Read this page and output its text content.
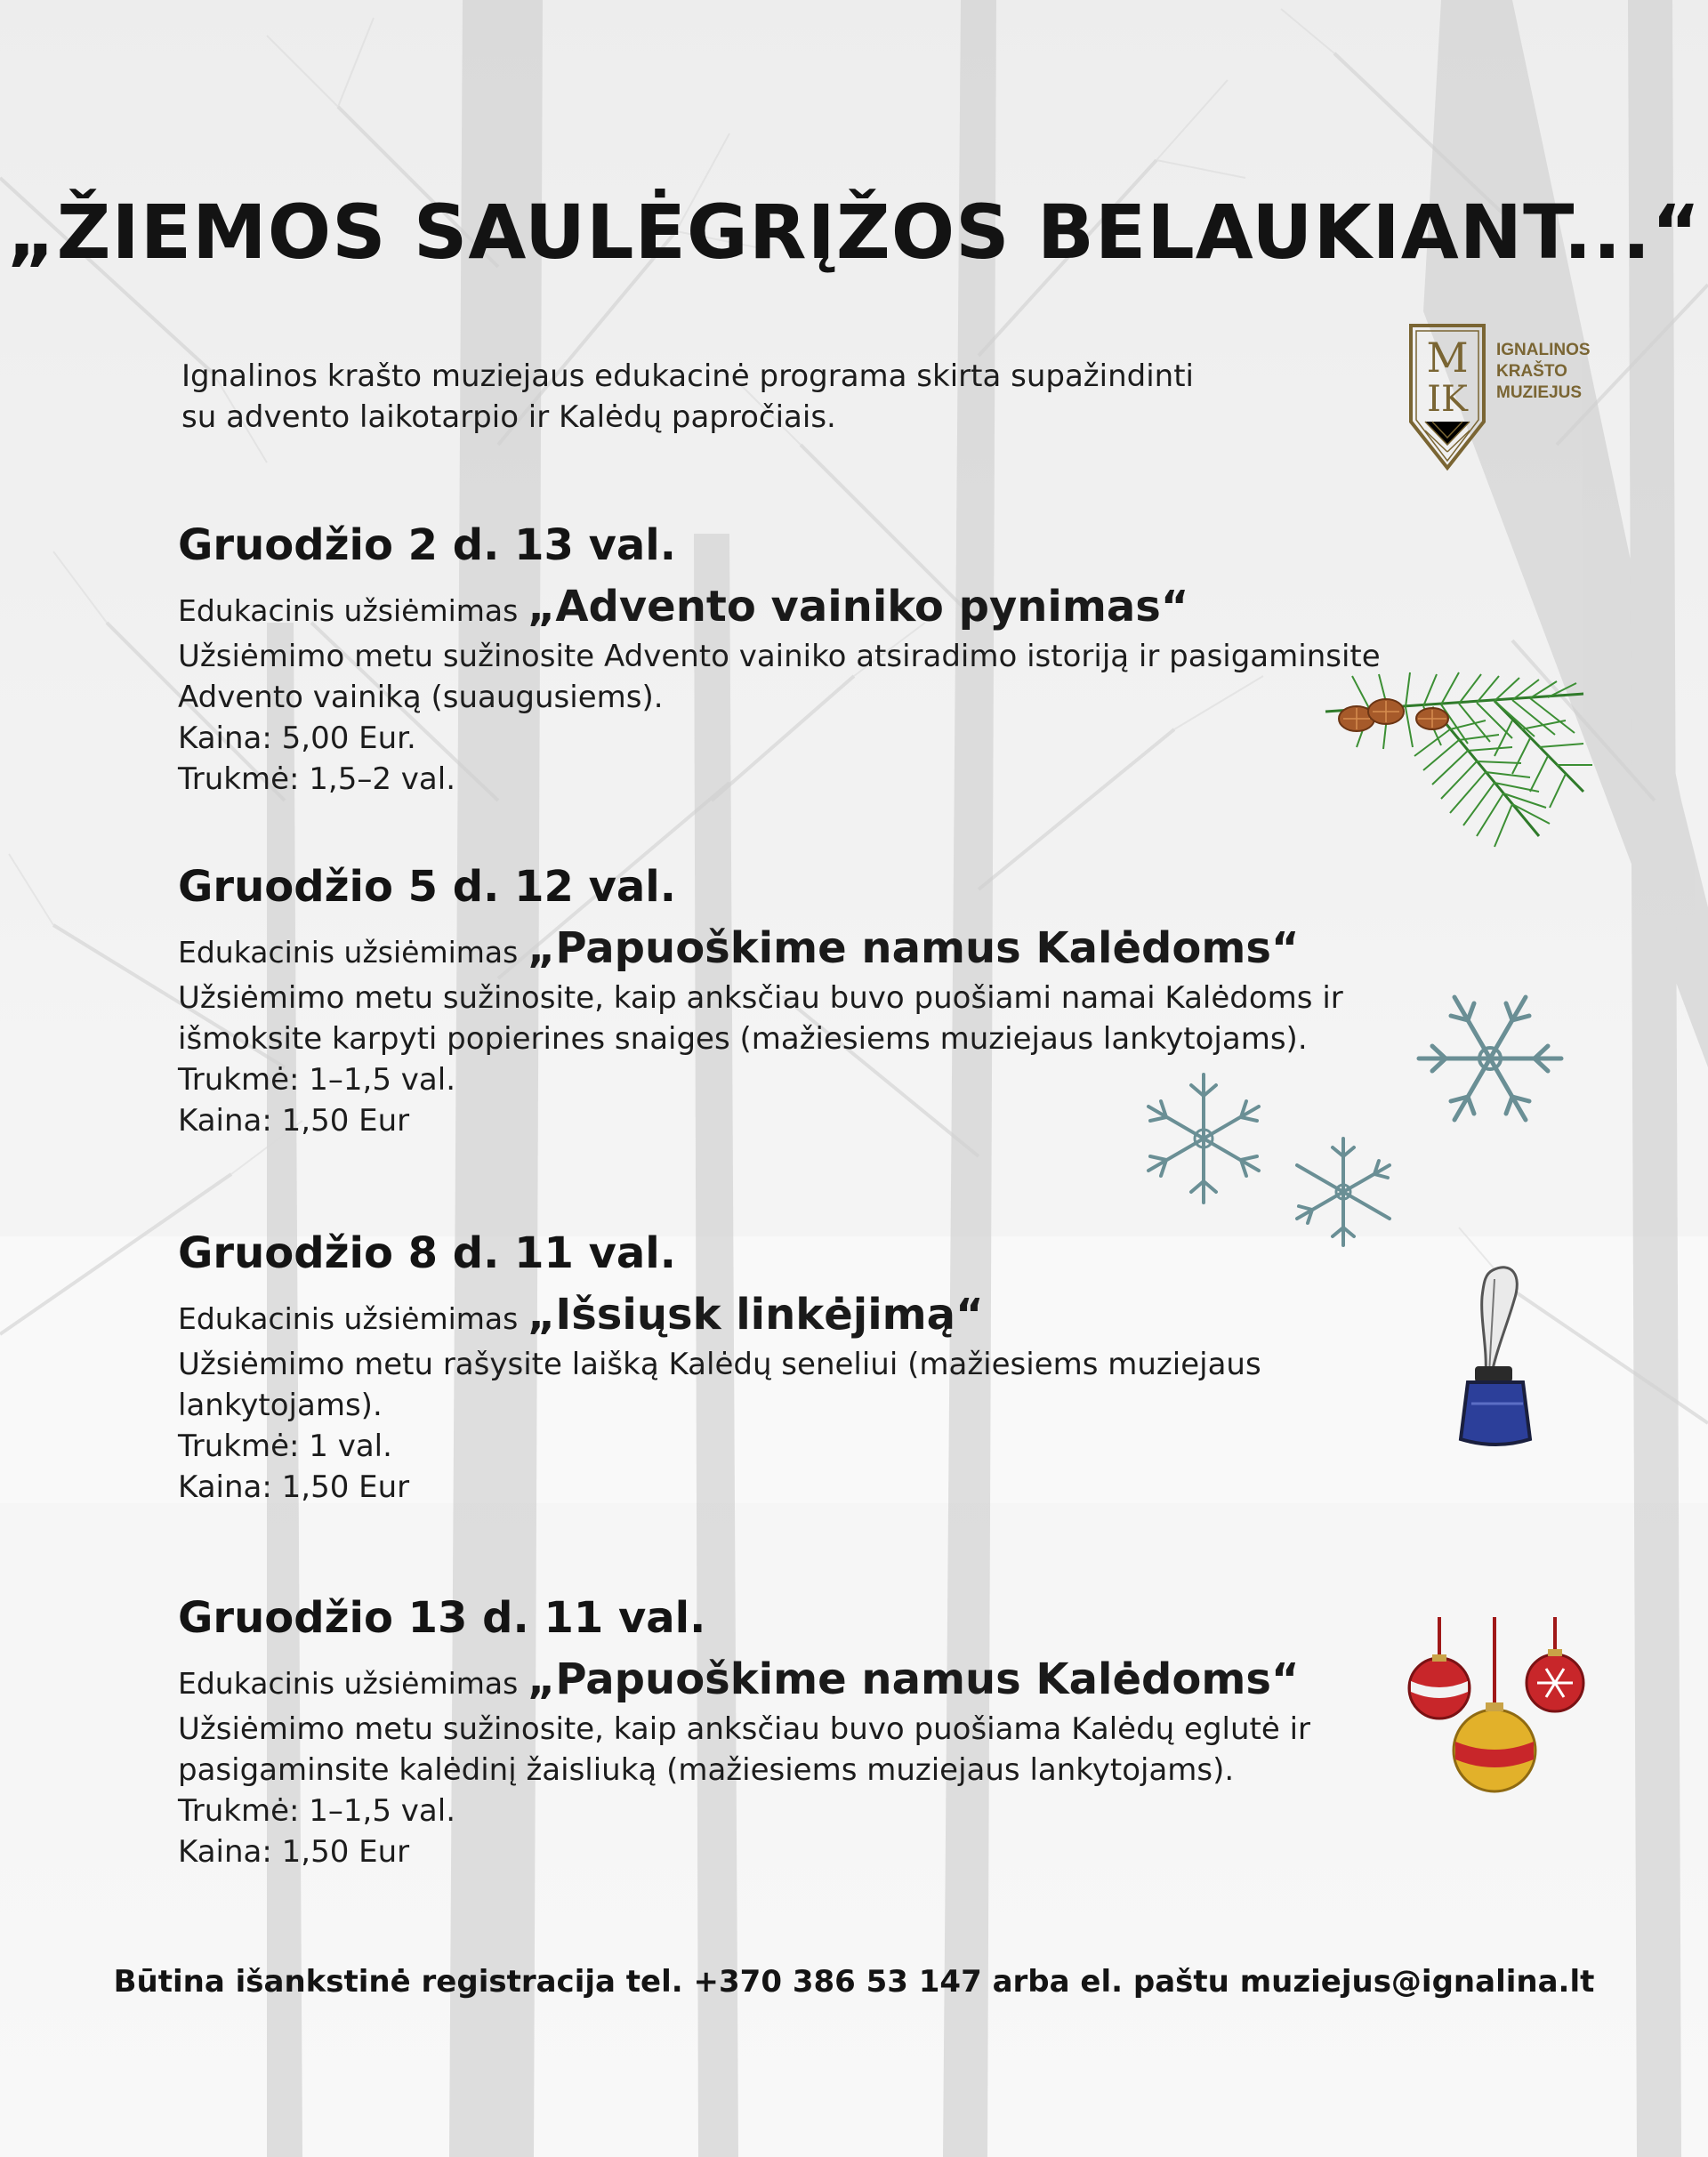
„ŽIEMOS SAULĖGRĮŽOS BELAUKIANT...“
Ignalinos krašto muziejaus edukacinė programa skirta supažindinti
su advento laikotarpio ir Kalėdų papročiais.
M
IK
IGNALINOS
KRAŠTO
MUZIEJUS
Gruodžio 2 d. 13 val.
Edukacinis užsiėmimas „Advento vainiko pynimas“
Užsiėmimo metu sužinosite Advento vainiko atsiradimo istoriją ir pasigaminsite
Advento vainiką (suaugusiems).
Kaina: 5,00 Eur.
Trukmė: 1,5–2 val.
Gruodžio 5 d. 12 val.
Edukacinis užsiėmimas „Papuoškime namus Kalėdoms“
Užsiėmimo metu sužinosite, kaip anksčiau buvo puošiami namai Kalėdoms ir
išmoksite karpyti popierines snaiges (mažiesiems muziejaus lankytojams).
Trukmė: 1–1,5 val.
Kaina: 1,50 Eur
Gruodžio 8 d. 11 val.
Edukacinis užsiėmimas „Išsiųsk linkėjimą“
Užsiėmimo metu rašysite laišką Kalėdų seneliui (mažiesiems muziejaus
lankytojams).
Trukmė: 1 val.
Kaina: 1,50 Eur
Gruodžio 13 d. 11 val.
Edukacinis užsiėmimas „Papuoškime namus Kalėdoms“
Užsiėmimo metu sužinosite, kaip anksčiau buvo puošiama Kalėdų eglutė ir
pasigaminsite kalėdinį žaisliuką (mažiesiems muziejaus lankytojams).
Trukmė: 1–1,5 val.
Kaina: 1,50 Eur
Būtina išankstinė registracija tel. +370 386 53 147 arba el. paštu muziejus@ignalina.lt
